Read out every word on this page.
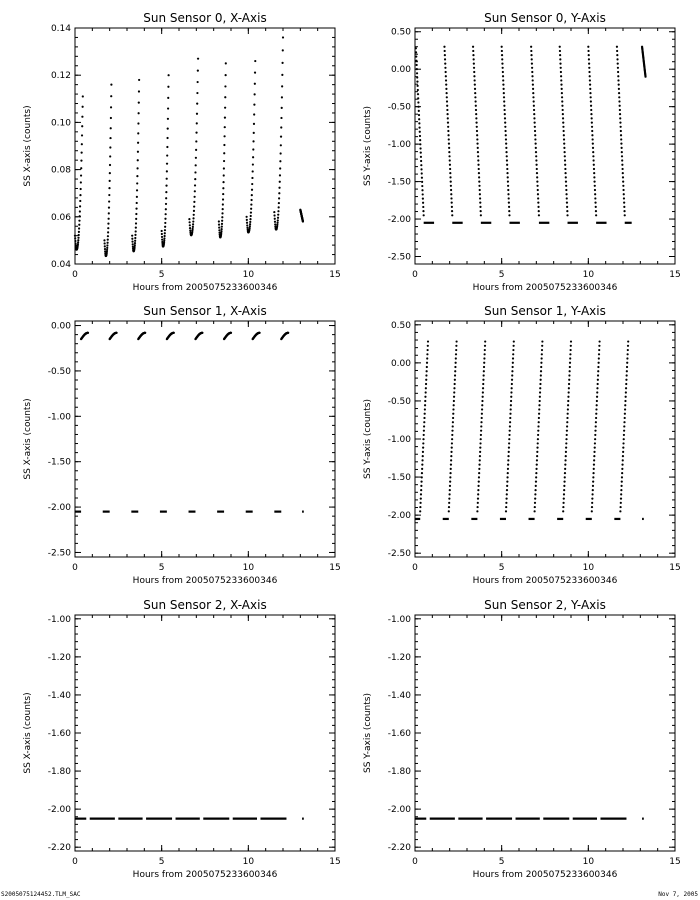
Sun Sensor 0, X-Axis
0	5	10	15
0.04
0.06
0.08
0.10
0.12
0.14
Hours from 2005075233600346
SS X-axis (counts)
Sun Sensor 0, Y-Axis
0	5	10	15
0.50
0.00
-0.50
-1.00
-1.50
-2.00
-2.50
Hours from 2005075233600346
SS Y-axis (counts)
Sun Sensor 1, X-Axis
0	5	10	15
0.00
-0.50
-1.00
-1.50
-2.00
-2.50
Hours from 2005075233600346
SS X-axis (counts)
Sun Sensor 1, Y-Axis
0	5	10	15
0.50
0.00
-0.50
-1.00
-1.50
-2.00
-2.50
Hours from 2005075233600346
SS Y-axis (counts)
Sun Sensor 2, X-Axis
0	5	10	15
-1.00
-1.20
-1.40
-1.60
-1.80
-2.00
-2.20
Hours from 2005075233600346
SS X-axis (counts)
Sun Sensor 2, Y-Axis
0	5	10	15
-1.00
-1.20
-1.40
-1.60
-1.80
-2.00
-2.20
Hours from 2005075233600346
SS Y-axis (counts)
S2005075124452.TLM_SAC	Nov 7, 2005
